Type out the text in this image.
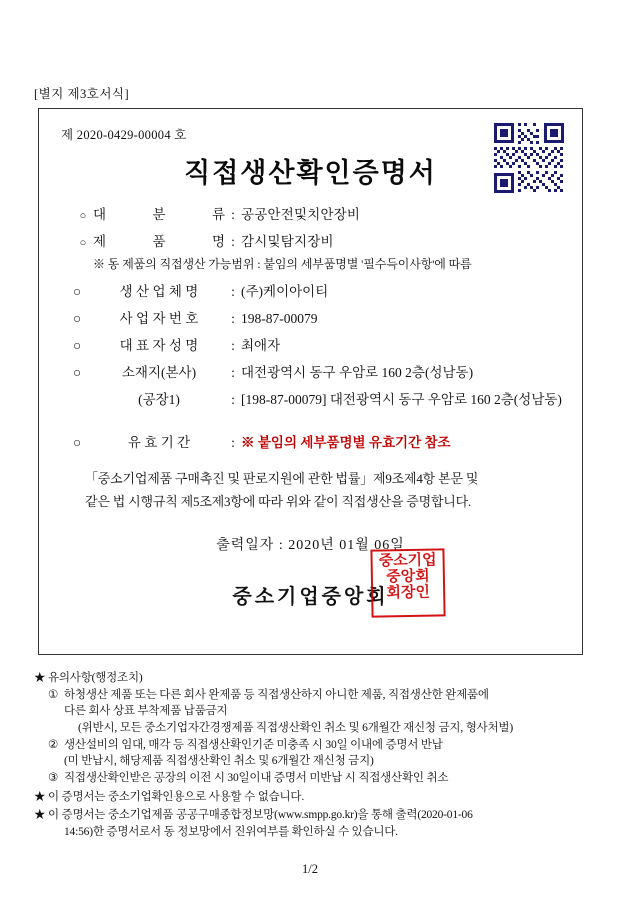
[별지 제3호서식]
제 2020-0429-00004 호
직접생산확인증명서
○ 대	분	류 : 공공안전및치안장비
○ 제	품	명 : 감시및탐지장비
※ 동 제품의 직접생산 가능범위 : 붙임의 세부품명별 '필수득이사항'에 따름
○	생 산 업 체 명	: (주)케이아이티
○	사 업 자 번 호	: 198-87-00079
○	대 표 자 성 명	: 최애자
○	소재지(본사)	: 대전광역시 동구 우암로 160 2층(성남동)
(공장1)	: [198-87-00079] 대전광역시 동구 우암로 160 2층(성남동)
○	유 효 기 간	: ※ 붙임의 세부품명별 유효기간 참조
「중소기업제품 구매촉진 및 판로지원에 관한 법률」제9조제4항 본문 및
같은 법 시행규칙 제5조제3항에 따라 위와 같이 직접생산을 증명합니다.
출력일자 : 2020년 01월 06일
중소기업중앙회
중소기업
중앙회
회장인
★ 유의사항(행정조치)
① 하청생산 제품 또는 다른 회사 완제품 등 직접생산하지 아니한 제품, 직접생산한 완제품에
다른 회사 상표 부착제품 납품금지
(위반시, 모든 중소기업자간경쟁제품 직접생산확인 취소 및 6개월간 재신청 금지, 형사처벌)
② 생산설비의 임대, 매각 등 직접생산확인기준 미충족 시 30일 이내에 증명서 반납
(미 반납시, 해당제품 직접생산확인 취소 및 6개월간 재신청 금지)
③ 직접생산확인받은 공장의 이전 시 30일이내 증명서 미반납 시 직접생산확인 취소
★ 이 증명서는 중소기업확인용으로 사용할 수 없습니다.
★ 이 증명서는 중소기업제품 공공구매종합정보망(www.smpp.go.kr)을 통해 출력(2020-01-06
14:56)한 증명서로서 동 정보망에서 진위여부를 확인하실 수 있습니다.
1/2
